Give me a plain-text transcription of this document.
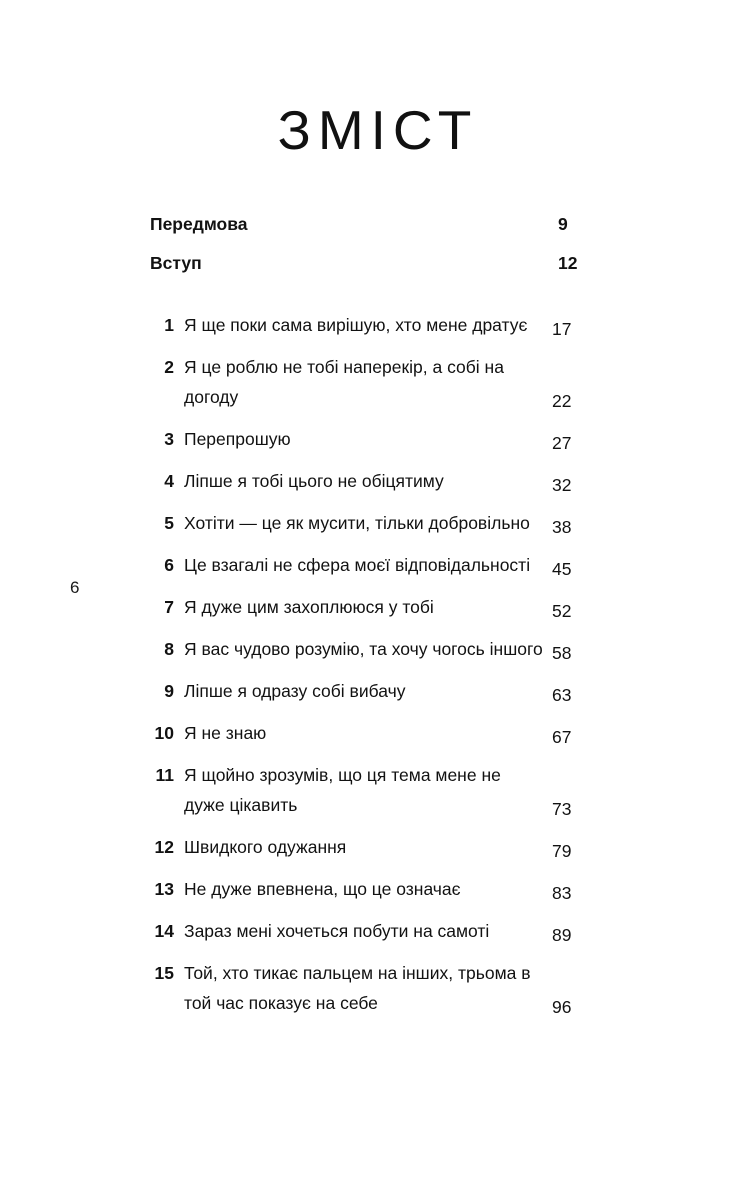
ЗМІСТ
6
Передмова	9
Вступ	12
1 Я ще поки сама вирішую, хто мене дратує	17
2 Я це роблю не тобі наперекір, а собі на догоду	22
3 Перепрошую	27
4 Ліпше я тобі цього не обіцятиму	32
5 Хотіти — це як мусити, тільки добровільно	38
6 Це взагалі не сфера моєї відповідальності	45
7 Я дуже цим захоплююся у тобі	52
8 Я вас чудово розумію, та хочу чогось іншого 58
9 Ліпше я одразу собі вибачу	63
10 Я не знаю	67
11 Я щойно зрозумів, що ця тема мене не дуже цікавить	73
12 Швидкого одужання	79
13 Не дуже впевнена, що це означає	83
14 Зараз мені хочеться побути на самоті	89
15 Той, хто тикає пальцем на інших, трьома в той час показує на себе	96
